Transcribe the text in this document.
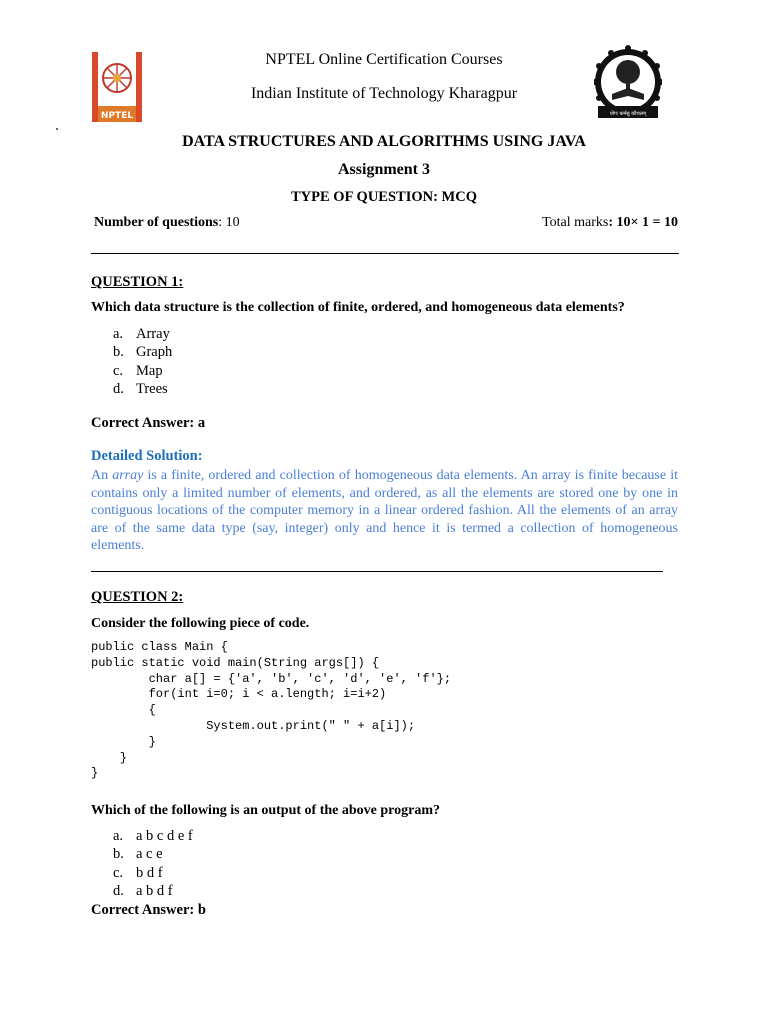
NPTEL	योगः कर्मसु कौशलम्
NPTEL Online Certification Courses
Indian Institute of Technology Kharagpur
DATA STRUCTURES AND ALGORITHMS USING JAVA
Assignment 3
TYPE OF QUESTION: MCQ
Number of questions: 10	Total marks: 10× 1 = 10
QUESTION 1:
Which data structure is the collection of finite, ordered, and homogeneous data elements?
a. Array
b. Graph
c. Map
d. Trees
Correct Answer: a
Detailed Solution:
An array is a finite, ordered and collection of homogeneous data elements. An array is finite because it contains only a limited number of elements, and ordered, as all the elements are stored one by one in contiguous locations of the computer memory in a linear ordered fashion. All the elements of an array are of the same data type (say, integer) only and hence it is termed a collection of homogeneous elements.
QUESTION 2:
Consider the following piece of code.
public class Main {
public static void main(String args[]) {
char a[] = {'a', 'b', 'c', 'd', 'e', 'f'};
for(int i=0; i < a.length; i=i+2)
{
System.out.print(" " + a[i]);
}
}
}
Which of the following is an output of the above program?
a. a b c d e f
b. a c e
c. b d f
d. a b d f
Correct Answer: b
